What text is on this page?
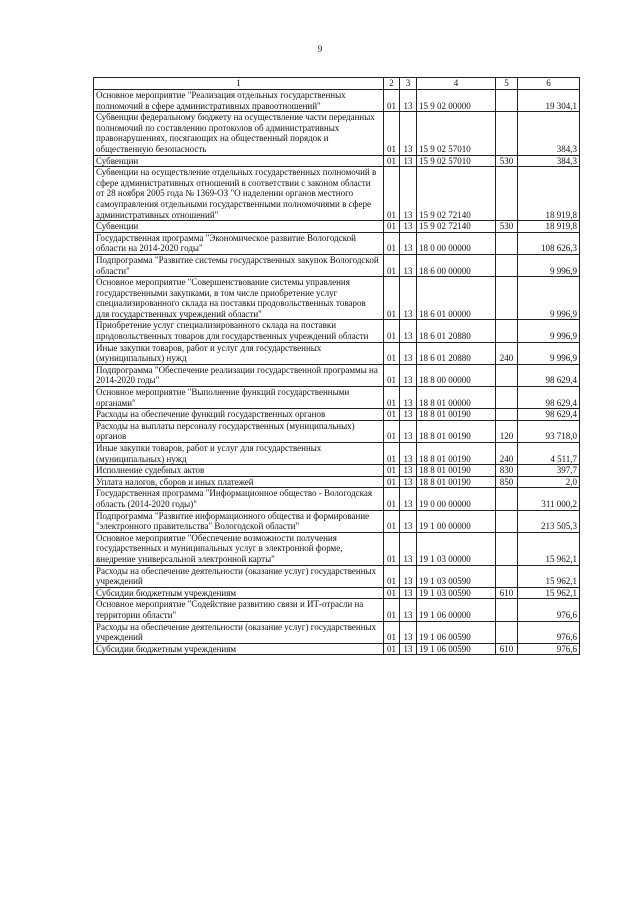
9
1	2	3	4	5	6
Основное мероприятие "Реализация отдельных государственных полномочий в сфере административных правоотношений"	01	13	15 9 02 00000		19 304,1
Субвенции федеральному бюджету на осуществление части переданных полномочий по составлению протоколов об административных правонарушениях, посягающих на общественный порядок и общественную безопасность	01	13	15 9 02 57010		384,3
Субвенции	01	13	15 9 02 57010	530	384,3
Субвенции на осуществление отдельных государственных полномочий в сфере административных отношений в соответствии с законом области от 28 ноября 2005 года № 1369-ОЗ "О наделении органов местного самоуправления отдельными государственными полномочиями в сфере административных отношений"	01	13	15 9 02 72140		18 919,8
Субвенции	01	13	15 9 02 72140	530	18 919,8
Государственная программа "Экономическое развитие Вологодской области на 2014-2020 годы"	01	13	18 0 00 00000		108 626,3
Подпрограмма "Развитие системы государственных закупок Вологодской области"	01	13	18 6 00 00000		9 996,9
Основное мероприятие "Совершенствование системы управления государственными закупками, в том числе приобретение услуг специализированного склада на поставки продовольственных товаров для государственных учреждений области"	01	13	18 6 01 00000		9 996,9
Приобретение услуг специализированного склада на поставки продовольственных товаров для государственных учреждений области	01	13	18 6 01 20880		9 996,9
Иные закупки товаров, работ и услуг для государственных (муниципальных) нужд	01	13	18 6 01 20880	240	9 996,9
Подпрограмма "Обеспечение реализации государственной программы на 2014-2020 годы"	01	13	18 8 00 00000		98 629,4
Основное мероприятие "Выполнение функций государственными органами"	01	13	18 8 01 00000		98 629,4
Расходы на обеспечение функций государственных органов	01	13	18 8 01 00190		98 629,4
Расходы на выплаты персоналу государственных (муниципальных) органов	01	13	18 8 01 00190	120	93 718,0
Иные закупки товаров, работ и услуг для государственных (муниципальных) нужд	01	13	18 8 01 00190	240	4 511,7
Исполнение судебных актов	01	13	18 8 01 00190	830	397,7
Уплата налогов, сборов и иных платежей	01	13	18 8 01 00190	850	2,0
Государственная программа "Информационное общество - Вологодская область (2014-2020 годы)"	01	13	19 0 00 00000		311 000,2
Подпрограмма "Развитие информационного общества и формирование "электронного правительства" Вологодской области"	01	13	19 1 00 00000		213 505,3
Основное мероприятие "Обеспечение возможности получения государственных и муниципальных услуг в электронной форме, внедрение универсальной электронной карты"	01	13	19 1 03 00000		15 962,1
Расходы на обеспечение деятельности (оказание услуг) государственных учреждений	01	13	19 1 03 00590		15 962,1
Субсидии бюджетным учреждениям	01	13	19 1 03 00590	610	15 962,1
Основное мероприятие "Содействие развитию связи и ИТ-отрасли на территории области"	01	13	19 1 06 00000		976,6
Расходы на обеспечение деятельности (оказание услуг) государственных учреждений	01	13	19 1 06 00590		976,6
Субсидии бюджетным учреждениям	01	13	19 1 06 00590	610	976,6
